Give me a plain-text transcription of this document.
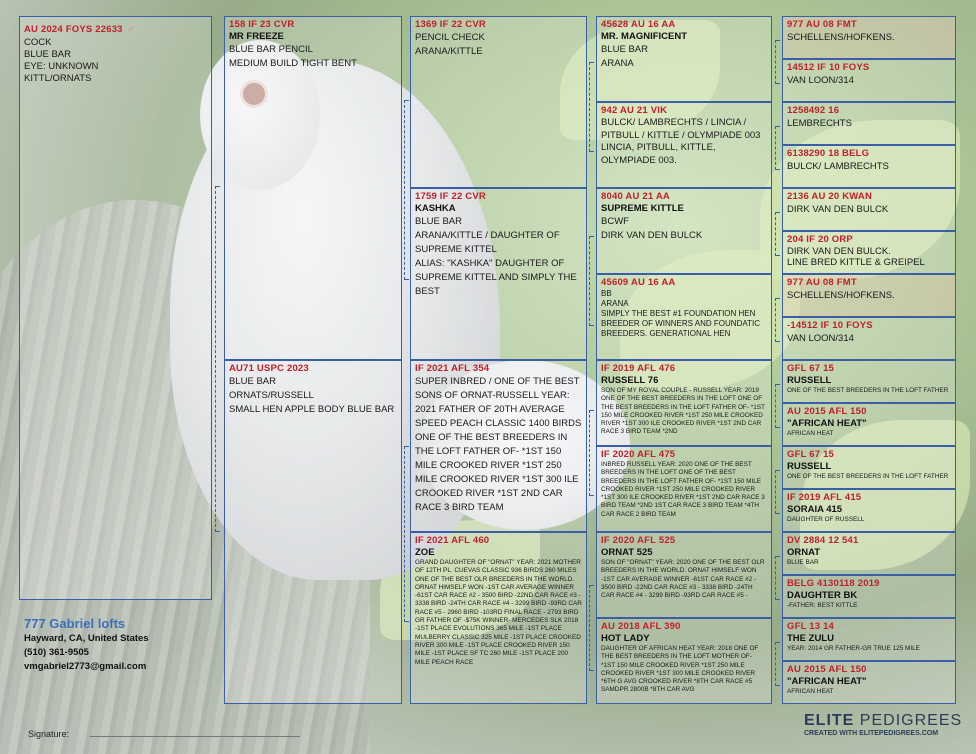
AU 2024 FOYS 22633 ♂
COCK
BLUE BAR
EYE: UNKNOWN
KITTL/ORNATS
158 IF 23 CVR
MR FREEZE
BLUE BAR PENCIL
MEDIUM BUILD TIGHT BENT
AU71 USPC 2023
BLUE BAR
ORNATS/RUSSELL
SMALL HEN APPLE BODY BLUE BAR
1369 IF 22 CVR
PENCIL CHECK
ARANA/KITTLE
1759 IF 22 CVR
KASHKA
BLUE BAR
ARANA/KITTLE / DAUGHTER OF SUPREME KITTEL
ALIAS: "KASHKA" DAUGHTER OF SUPREME KITTEL AND SIMPLY THE BEST
IF 2021 AFL 354
SUPER INBRED / ONE OF THE BEST SONS OF ORNAT-RUSSELL YEAR: 2021 FATHER OF 20TH AVERAGE SPEED PEACH CLASSIC 1400 BIRDS ONE OF THE BEST BREEDERS IN THE LOFT FATHER OF- *1ST 150 MILE CROOKED RIVER *1ST 250 MILE CROOKED RIVER *1ST 300 ILE CROOKED RIVER *1ST 2ND CAR RACE 3 BIRD TEAM
IF 2021 AFL 460
ZOE
GRAND DAUGHTER OF "ORNAT" YEAR: 2021 MOTHER OF 12TH PL. CUEVAS CLASSIC 936 BIRDS 260 MILES ONE OF THE BEST OLR BREEDERS IN THE WORLD. ORNAT HIMSELF WON -1ST CAR AVERAGE WINNER -61ST CAR RACE #2 - 3500 BIRD -22ND CAR RACE #3 - 3338 BIRD -24TH CAR RACE #4 - 3299 BIRD -93RD CAR RACE #5 - 2960 BIRD -103RD FINAL RACE - 2793 BIRD GR FATHER OF -$75K WINNER- MERCEDES SLK 2018 -1ST PLACE EVOLUTIONS 365 MILE -1ST PLACE MULBERRY CLASSIC 325 MILE -1ST PLACE CROOKED RIVER 300 MILE -1ST PLACE CROOKED RIVER 150 MILE -1ST PLACE SF TC 260 MILE -1ST PLACE 200 MILE PEACH RACE
45628 AU 16 AA
MR. MAGNIFICENT
BLUE BAR
ARANA
942 AU 21 VIK
BULCK/ LAMBRECHTS / LINCIA / PITBULL / KITTLE / OLYMPIADE 003
LINCIA, PITBULL, KITTLE, OLYMPIADE 003.
8040 AU 21 AA
SUPREME KITTLE
BCWF
DIRK VAN DEN BULCK
45609 AU 16 AA
BB
ARANA
SIMPLY THE BEST #1 FOUNDATION HEN BREEDER OF WINNERS AND FOUNDATIC BREEDERS. GENERATIONAL HEN
IF 2019 AFL 476
RUSSELL 76
SON OF MY ROYAL COUPLE - RUSSELL YEAR: 2019 ONE OF THE BEST BREEDERS IN THE LOFT ONE OF THE BEST BREEDERS IN THE LOFT FATHER OF- *1ST 150 MILE CROOKED RIVER *1ST 250 MILE CROOKED RIVER *1ST 300 ILE CROOKED RIVER *1ST 2ND CAR RACE 3 BIRD TEAM *2ND
IF 2020 AFL 475
INBRED RUSSELL YEAR: 2020 ONE OF THE BEST BREEDERS IN THE LOFT ONE OF THE BEST BREEDERS IN THE LOFT FATHER OF- *1ST 150 MILE CROOKED RIVER *1ST 250 MILE CROOKED RIVER *1ST 300 ILE CROOKED RIVER *1ST 2ND CAR RACE 3 BIRD TEAM *2ND 1ST CAR RACE 3 BIRD TEAM *4TH CAR RACE 2 BIRD TEAM
IF 2020 AFL 525
ORNAT 525
SON OF "ORNAT" YEAR: 2020 ONE OF THE BEST OLR BREEDERS IN THE WORLD. ORNAT HIMSELF WON -1ST CAR AVERAGE WINNER -61ST CAR RACE #2 - 3500 BIRD -22ND CAR RACE #3 - 3338 BIRD -24TH CAR RACE #4 - 3299 BIRD -93RD CAR RACE #5 -
AU 2018 AFL 390
HOT LADY
DAUGHTER OF AFRICAN HEAT YEAR: 2018 ONE OF THE BEST BREEDERS IN THE LOFT MOTHER OF- *1ST 150 MILE CROOKED RIVER *1ST 250 MILE CROOKED RIVER *1ST 300 MILE CROOKED RIVER *6TH G AVG CROOKED RIVER *8TH CAR RACE #5 SAMDPR 2800B *8TH CAR AVG
977 AU 08 FMT
SCHELLENS/HOFKENS.
14512 IF 10 FOYS
VAN LOON/314
1258492 16
LEMBRECHTS
6138290 18 BELG
BULCK/ LAMBRECHTS
2136 AU 20 KWAN
DIRK VAN DEN BULCK
204 IF 20 ORP
DIRK VAN DEN BULCK.
LINE BRED KITTLE & GREIPEL
977 AU 08 FMT
SCHELLENS/HOFKENS.
-14512 IF 10 FOYS
VAN LOON/314
GFL 67 15
RUSSELL
ONE OF THE BEST BREEDERS IN THE LOFT FATHER
AU 2015 AFL 150
"AFRICAN HEAT"
AFRICAN HEAT
GFL 67 15
RUSSELL
ONE OF THE BEST BREEDERS IN THE LOFT FATHER
IF 2019 AFL 415
SORAIA 415
DAUGHTER OF RUSSELL
DV 2884 12 541
ORNAT
BLUE BAR
BELG 4130118 2019
DAUGHTER BK
-FATHER: BEST KITTLE
GFL 13 14
THE ZULU
YEAR: 2014 GR FATHER-GR TRUE 125 MILE
AU 2015 AFL 150
"AFRICAN HEAT"
AFRICAN HEAT
777 Gabriel lofts
Hayward, CA, United States
(510) 361-9505
vmgabriel2773@gmail.com
Signature:
ELITE PEDIGREES
CREATED WITH ELITEPEDIGREES.COM
